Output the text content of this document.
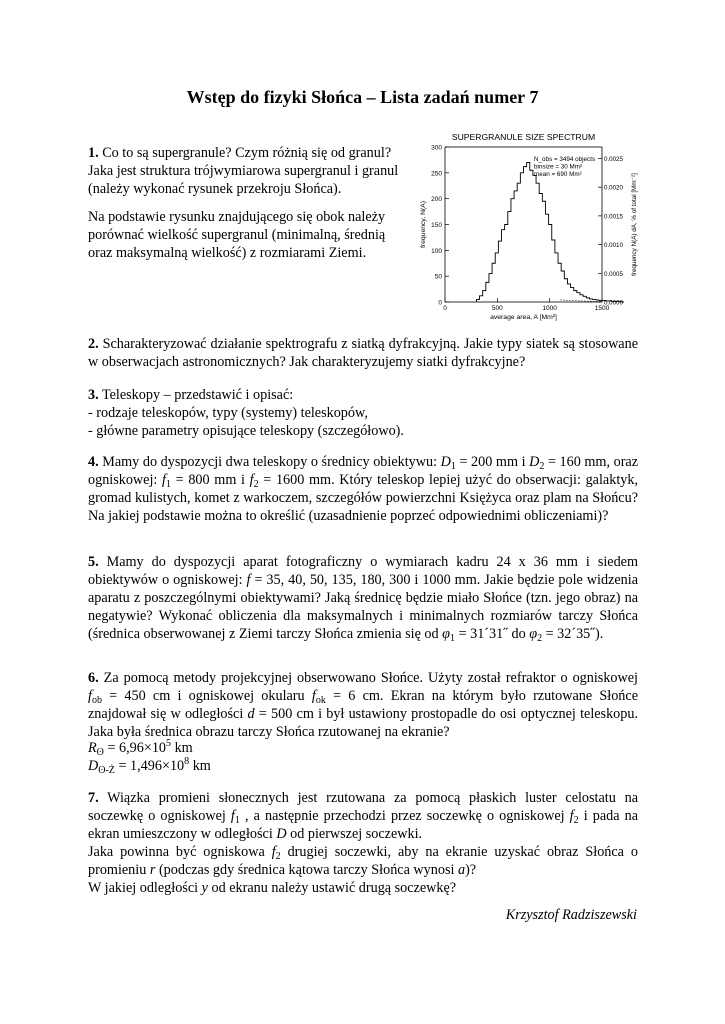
Wstęp do fizyki Słońca – Lista zadań numer 7
1. Co to są supergranule? Czym różnią się od granul?
Jaka jest struktura trójwymiarowa supergranul i granul
(należy wykonać rysunek przekroju Słońca).
Na podstawie rysunku znajdującego się obok należy
porównać wielkość supergranul (minimalną, średnią
oraz maksymalną wielkość) z rozmiarami Ziemi.
SUPERGRANULE SIZE SPECTRUM
0
50
100
150
200
250
300
0	500	1000	1500
0.0000
0.0005
0.0010
0.0015
0.0020
0.0025
N_obs = 3494 objects
binsize = 30 Mm²
mean = 690 Mm²
average area, A [Mm²]
frequency, N(A)	frequency N(A) dA, % of total [Mm⁻²]
2. Scharakteryzować działanie spektrografu z siatką dyfrakcyjną. Jakie typy siatek są stosowane w obserwacjach astronomicznych? Jak charakteryzujemy siatki dyfrakcyjne?
3. Teleskopy – przedstawić i opisać:
- rodzaje teleskopów, typy (systemy) teleskopów,
- główne parametry opisujące teleskopy (szczegółowo).
4. Mamy do dyspozycji dwa teleskopy o średnicy obiektywu: $D_1 = 200$ mm i $D_2 = 160$ mm, oraz ogniskowej: $f_1 = 800$ mm i $f_2 = 1600$ mm. Który teleskop lepiej użyć do obserwacji: galaktyk, gromad kulistych, komet z warkoczem, szczegółów powierzchni Księżyca oraz plam na Słońcu? Na jakiej podstawie można to określić (uzasadnienie poprzeć odpowiednimi obliczeniami)?
5. Mamy do dyspozycji aparat fotograficzny o wymiarach kadru 24 x 36 mm i siedem obiektywów o ogniskowej: f = 35, 40, 50, 135, 180, 300 i 1000 mm. Jakie będzie pole widzenia aparatu z poszczególnymi obiektywami? Jaką średnicę będzie miało Słońce (tzn. jego obraz) na negatywie? Wykonać obliczenia dla maksymalnych i minimalnych rozmiarów tarczy Słońca (średnica obserwowanej z Ziemi tarczy Słońca zmienia się od $\varphi_1$ = 31´31˝ do $\varphi_2$ = 32´35˝).
6. Za pomocą metody projekcyjnej obserwowano Słońce. Użyty został refraktor o ogniskowej $f_{ob} = 450$ cm i ogniskowej okularu $f_{ok} = 6$ cm. Ekran na którym było rzutowane Słońce znajdował się w odległości d = 500 cm i był ustawiony prostopadle do osi optycznej teleskopu. Jaka była średnica obrazu tarczy Słońca rzutowanej na ekranie?
$R_ʘ = 6,96\times 10^5$ km
$D_{ʘ-Ż} = 1,496\times 10^8$ km
7. Wiązka promieni słonecznych jest rzutowana za pomocą płaskich luster celostatu na soczewkę o ogniskowej $f_1$ , a następnie przechodzi przez soczewkę o ogniskowej $f_2$ i pada na ekran umieszczony w odległości D od pierwszej soczewki.
Jaka powinna być ogniskowa $f_2$ drugiej soczewki, aby na ekranie uzyskać obraz Słońca o promieniu r (podczas gdy średnica kątowa tarczy Słońca wynosi a)?
W jakiej odległości y od ekranu należy ustawić drugą soczewkę?
Krzysztof Radziszewski
